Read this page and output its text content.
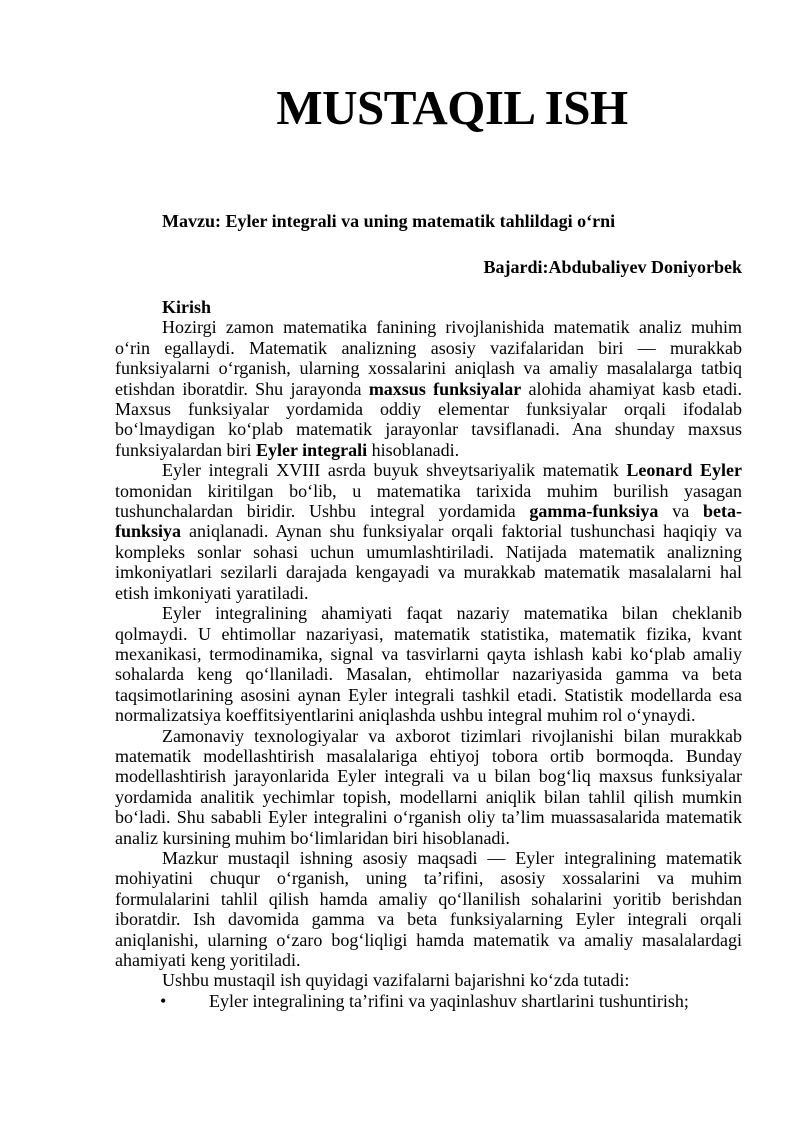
MUSTAQIL ISH
Mavzu: Eyler integrali va uning matematik tahlildagi o‘rni
Bajardi:Abdubaliyev Doniyorbek
Kirish

Hozirgi zamon matematika fanining rivojlanishida matematik analiz muhim o‘rin egallaydi. Matematik analizning asosiy vazifalaridan biri — murakkab funksiyalarni o‘rganish, ularning xossalarini aniqlash va amaliy masalalarga tatbiq etishdan iboratdir. Shu jarayonda maxsus funksiyalar alohida ahamiyat kasb etadi. Maxsus funksiyalar yordamida oddiy elementar funksiyalar orqali ifodalab bo‘lmaydigan ko‘plab matematik jarayonlar tavsiflanadi. Ana shunday maxsus funksiyalardan biri Eyler integrali hisoblanadi.

Eyler integrali XVIII asrda buyuk shveytsariyalik matematik Leonard Eyler tomonidan kiritilgan bo‘lib, u matematika tarixida muhim burilish yasagan tushunchalardan biridir. Ushbu integral yordamida gamma-funksiya va beta-funksiya aniqlanadi. Aynan shu funksiyalar orqali faktorial tushunchasi haqiqiy va kompleks sonlar sohasi uchun umumlashtiriladi. Natijada matematik analizning imkoniyatlari sezilarli darajada kengayadi va murakkab matematik masalalarni hal etish imkoniyati yaratiladi.

Eyler integralining ahamiyati faqat nazariy matematika bilan cheklanib qolmaydi. U ehtimollar nazariyasi, matematik statistika, matematik fizika, kvant mexanikasi, termodinamika, signal va tasvirlarni qayta ishlash kabi ko‘plab amaliy sohalarda keng qo‘llaniladi. Masalan, ehtimollar nazariyasida gamma va beta taqsimotlarining asosini aynan Eyler integrali tashkil etadi. Statistik modellarda esa normalizatsiya koeffitsiyentlarini aniqlashda ushbu integral muhim rol o‘ynaydi.

Zamonaviy texnologiyalar va axborot tizimlari rivojlanishi bilan murakkab matematik modellashtirish masalalariga ehtiyoj tobora ortib bormoqda. Bunday modellashtirish jarayonlarida Eyler integrali va u bilan bog‘liq maxsus funksiyalar yordamida analitik yechimlar topish, modellarni aniqlik bilan tahlil qilish mumkin bo‘ladi. Shu sababli Eyler integralini o‘rganish oliy ta’lim muassasalarida matematik analiz kursining muhim bo‘limlaridan biri hisoblanadi.

Mazkur mustaqil ishning asosiy maqsadi — Eyler integralining matematik mohiyatini chuqur o‘rganish, uning ta’rifini, asosiy xossalarini va muhim formulalarini tahlil qilish hamda amaliy qo‘llanilish sohalarini yoritib berishdan iboratdir. Ish davomida gamma va beta funksiyalarning Eyler integrali orqali aniqlanishi, ularning o‘zaro bog‘liqligi hamda matematik va amaliy masalalardagi ahamiyati keng yoritiladi.

Ushbu mustaqil ish quyidagi vazifalarni bajarishni ko‘zda tutadi:

• Eyler integralining ta’rifini va yaqinlashuv shartlarini tushuntirish;
